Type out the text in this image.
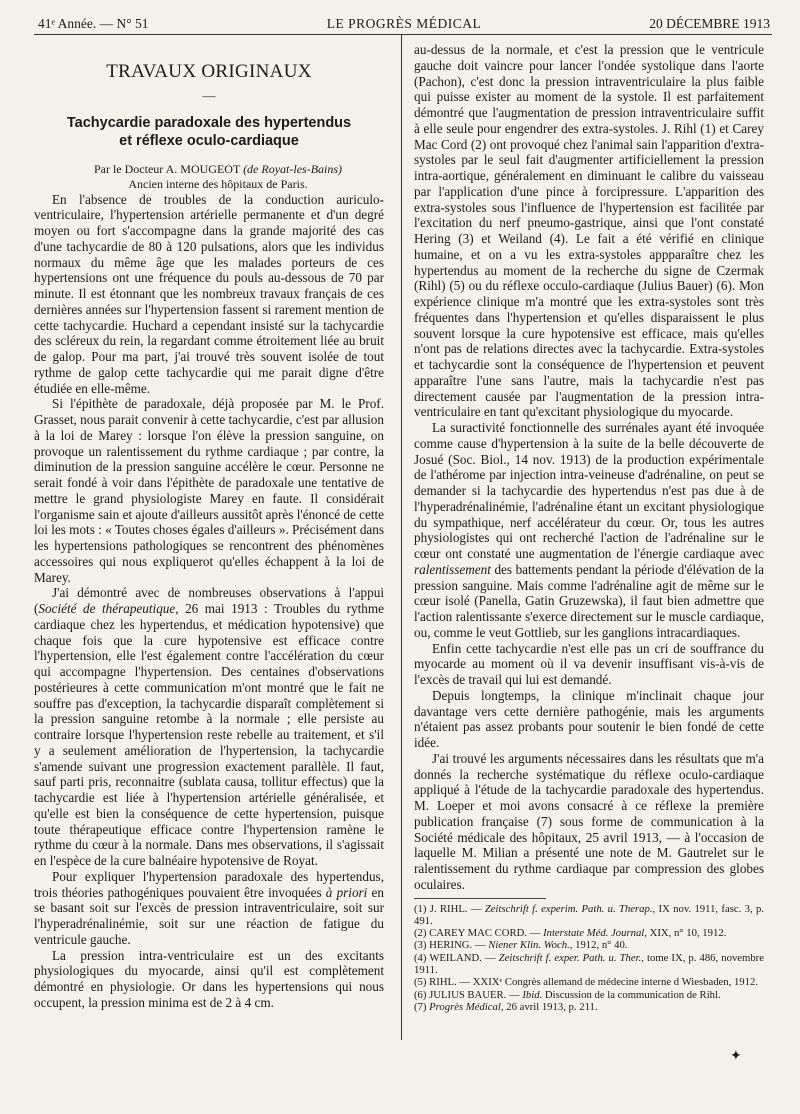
41ᵉ Année. — N° 51	LE PROGRÈS MÉDICAL	20 DÉCEMBRE 1913
TRAVAUX ORIGINAUX
—
Tachycardie paradoxale des hypertendus
et réflexe oculo-cardiaque

Par le Docteur A. MOUGEOT (de Royat-les-Bains)

Ancien interne des hôpitaux de Paris.

En l'absence de troubles de la conduction auriculo-ventriculaire, l'hypertension artérielle permanente et d'un degré moyen ou fort s'accompagne dans la grande majorité des cas d'une tachycardie de 80 à 120 pulsations, alors que les individus normaux du même âge que les malades porteurs de ces hypertensions ont une fréquence du pouls au-dessous de 70 par minute. Il est étonnant que les nombreux travaux français de ces dernières années sur l'hypertension fassent si rarement mention de cette tachycardie. Huchard a cependant insisté sur la tachycardie des scléreux du rein, la regardant comme étroitement liée au bruit de galop. Pour ma part, j'ai trouvé très souvent isolée de tout rythme de galop cette tachycardie qui me parait digne d'être étudiée en elle-même.

Si l'épithète de paradoxale, déjà proposée par M. le Prof. Grasset, nous parait convenir à cette tachycardie, c'est par allusion à la loi de Marey : lorsque l'on élève la pression sanguine, on provoque un ralentissement du rythme cardiaque ; par contre, la diminution de la pression sanguine accélère le cœur. Personne ne serait fondé à voir dans l'épithète de paradoxale une tentative de mettre le grand physiologiste Marey en faute. Il considérait l'organisme sain et ajoute d'ailleurs aussitôt après l'énoncé de cette loi les mots : « Toutes choses égales d'ailleurs ». Précisément dans les hypertensions pathologiques se rencontrent des phénomènes accessoires qui nous expliquerot qu'elles échappent à la loi de Marey.

J'ai démontré avec de nombreuses observations à l'appui (Société de thérapeutique, 26 mai 1913 : Troubles du rythme cardiaque chez les hypertendus, et médication hypotensive) que chaque fois que la cure hypotensive est efficace contre l'hypertension, elle l'est également contre l'accélération du cœur qui accompagne l'hypertension. Des centaines d'observations postérieures à cette communication m'ont montré que le fait ne souffre pas d'exception, la tachycardie disparaît complètement si la pression sanguine retombe à la normale ; elle persiste au contraire lorsque l'hypertension reste rebelle au traitement, et s'il y a seulement amélioration de l'hypertension, la tachycardie s'amende suivant une progression exactement parallèle. Il faut, sauf parti pris, reconnaitre (sublata causa, tollitur effectus) que la tachycardie est liée à l'hypertension artérielle généralisée, et qu'elle est bien la conséquence de cette hypertension, puisque toute thérapeutique efficace contre l'hypertension ramène le rythme du cœur à la normale. Dans mes observations, il s'agissait en l'espèce de la cure balnéaire hypotensive de Royat.

Pour expliquer l'hypertension paradoxale des hypertendus, trois théories pathogéniques pouvaient être invoquées à priori en se basant soit sur l'excès de pression intraventriculaire, soit sur l'hyperadrénalinémie, soit sur une réaction de fatigue du ventricule gauche.

La pression intra-ventriculaire est un des excitants physiologiques du myocarde, ainsi qu'il est complètement démontré en physiologie. Or dans les hypertensions qui nous occupent, la pression minima est de 2 à 4 cm.

au-dessus de la normale, et c'est la pression que le ventricule gauche doit vaincre pour lancer l'ondée systolique dans l'aorte (Pachon), c'est donc la pression intraventriculaire la plus faible qui puisse exister au moment de la systole. Il est parfaitement démontré que l'augmentation de pression intraventriculaire suffit à elle seule pour engendrer des extra-systoles. J. Rihl (1) et Carey Mac Cord (2) ont provoqué chez l'animal sain l'apparition d'extra-systoles par le seul fait d'augmenter artificiellement la pression intra-aortique, généralement en diminuant le calibre du vaisseau par l'application d'une pince à forcipressure. L'apparition des extra-systoles sous l'influence de l'hypertension est facilitée par l'excitation du nerf pneumo-gastrique, ainsi que l'ont constaté Hering (3) et Weiland (4). Le fait a été vérifié en clinique humaine, et on a vu les extra-systoles appparaître chez les hypertendus au moment de la recherche du signe de Czermak (Rihl) (5) ou du réflexe occulo-cardiaque (Julius Bauer) (6). Mon expérience clinique m'a montré que les extra-systoles sont très fréquentes dans l'hypertension et qu'elles disparaissent le plus souvent lorsque la cure hypotensive est efficace, mais qu'elles n'ont pas de relations directes avec la tachycardie. Extra-systoles et tachycardie sont la conséquence de l'hypertension et peuvent apparaître l'une sans l'autre, mais la tachycardie n'est pas directement causée par l'augmentation de la pression intra-ventriculaire en tant qu'excitant physiologique du myocarde.

La suractivité fonctionnelle des surrénales ayant été invoquée comme cause d'hypertension à la suite de la belle découverte de Josué (Soc. Biol., 14 nov. 1913) de la production expérimentale de l'athérome par injection intra-veineuse d'adrénaline, on peut se demander si la tachycardie des hypertendus n'est pas due à de l'hyperadrénalinémie, l'adrénaline étant un excitant physiologique du sympathique, nerf accélérateur du cœur. Or, tous les autres physiologistes qui ont recherché l'action de l'adrénaline sur le cœur ont constaté une augmentation de l'énergie cardiaque avec ralentissement des battements pendant la période d'élévation de la pression sanguine. Mais comme l'adrénaline agit de même sur le cœur isolé (Panella, Gatin Gruzewska), il faut bien admettre que l'action ralentissante s'exerce directement sur le muscle cardiaque, ou, comme le veut Gottlieb, sur les ganglions intracardiaques.

Enfin cette tachycardie n'est elle pas un cri de souffrance du myocarde au moment où il va devenir insuffisant vis-à-vis de l'excès de travail qui lui est demandé.

Depuis longtemps, la clinique m'inclinait chaque jour davantage vers cette dernière pathogénie, mais les arguments n'étaient pas assez probants pour soutenir le bien fondé de cette idée.

J'ai trouvé les arguments nécessaires dans les résultats que m'a donnés la recherche systématique du réflexe oculo-cardiaque appliqué à l'étude de la tachycardie paradoxale des hypertendus. M. Loeper et moi avons consacré à ce réflexe la première publication française (7) sous forme de communication à la Société médicale des hôpitaux, 25 avril 1913, — à l'occasion de laquelle M. Milian a présenté une note de M. Gautrelet sur le ralentissement du rythme cardiaque par compression des globes oculaires.

(1) J. RIHL. — Zeitschrift f. experim. Path. u. Therap., IX nov. 1911, fasc. 3, p. 491.

(2) CAREY MAC CORD. — Interstate Méd. Journal, XIX, n° 10, 1912.

(3) HERING. — Niener Klin. Woch., 1912, n° 40.

(4) WEILAND. — Zeitschrift f. exper. Path. u. Ther., tome IX, p. 486, novembre 1911.

(5) RIHL. — XXIXᵉ Congrès allemand de médecine interne d Wiesbaden, 1912.

(6) JULIUS BAUER. — Ibid. Discussion de la communication de Rihl.

(7) Progrès Médical, 26 avril 1913, p. 211.

✦
